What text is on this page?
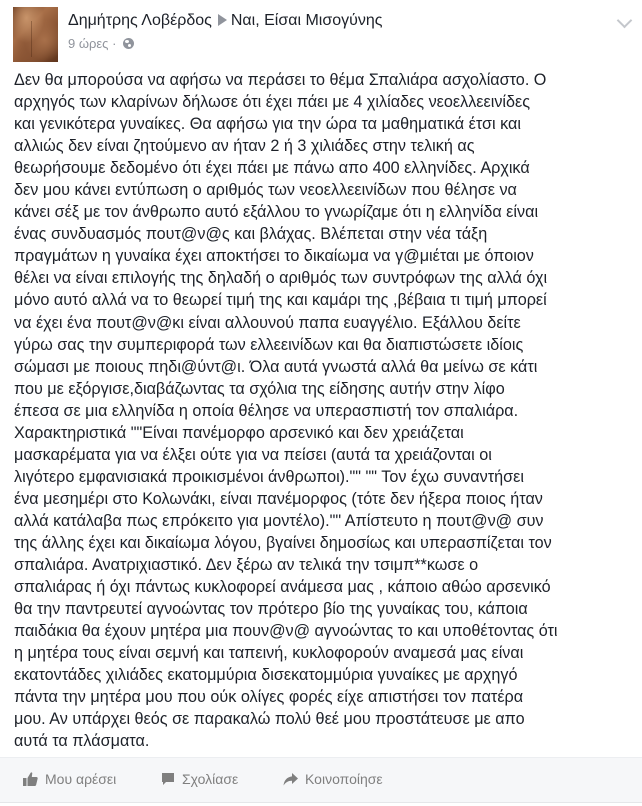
Δημήτρης Λοβέρδος Ναι, Είσαι Μισογύνης
9 ώρες ·
Δεν θα μπορούσα να αφήσω να περάσει το θέμα Σπαλιάρα ασχολίαστο. Ο
αρχηγός των κλαρίνων δήλωσε ότι έχει πάει με 4 χιλίαδες νεοελλεεινίδες
και γενικότερα γυναίκες. Θα αφήσω για την ώρα τα μαθηματικά έτσι και
αλλιώς δεν είναι ζητούμενο αν ήταν 2 ή 3 χιλιάδες στην τελική ας
θεωρήσουμε δεδομένο ότι έχει πάει με πάνω απο 400 ελληνίδες. Αρχικά
δεν μου κάνει εντύπωση ο αριθμός των νεοελλεεινίδων που θέλησε να
κάνει σέξ με τον άνθρωπο αυτό εξάλλου το γνωρίζαμε ότι η ελληνίδα είναι
ένας συνδυασμός πουτ@ν@ς και βλάχας. Βλέπεται στην νέα τάξη
πραγμάτων η γυναίκα έχει αποκτήσει το δικαίωμα να γ@μιέται με όποιον
θέλει να είναι επιλογής της δηλαδή ο αριθμός των συντρόφων της αλλά όχι
μόνο αυτό αλλά να το θεωρεί τιμή της και καμάρι της ,βέβαια τι τιμή μπορεί
να έχει ένα πουτ@ν@κι είναι αλλουνού παπα ευαγγέλιο. Εξάλλου δείτε
γύρω σας την συμπεριφορά των ελλεεινίδων και θα διαπιστώσετε ιδίοις
σώμασι με ποιους πηδι@ύντ@ι. Όλα αυτά γνωστά αλλά θα μείνω σε κάτι
που με εξόργισε,διαβάζωντας τα σχόλια της είδησης αυτήν στην λίφο
έπεσα σε μια ελληνίδα η οποία θέλησε να υπερασπιστή τον σπαλιάρα.
Χαρακτηριστικά ""Είναι πανέμορφο αρσενικό και δεν χρειάζεται
μασκαρέματα για να έλξει ούτε για να πείσει (αυτά τα χρειάζονται οι
λιγότερο εμφανισιακά προικισμένοι άνθρωποι)."" "" Τον έχω συναντήσει
ένα μεσημέρι στο Κολωνάκι, είναι πανέμορφος (τότε δεν ήξερα ποιος ήταν
αλλά κατάλαβα πως επρόκειτο για μοντέλο)."" Απίστευτο η πουτ@ν@ συν
της άλλης έχει και δικαίωμα λόγου, βγαίνει δημοσίως και υπερασπίζεται τον
σπαλιάρα. Ανατριχιαστικό. Δεν ξέρω αν τελικά την τσιμπ**κωσε ο
σπαλιάρας ή όχι πάντως κυκλοφορεί ανάμεσα μας , κάποιο αθώο αρσενικό
θα την παντρευτεί αγνοώντας τον πρότερο βίο της γυναίκας του, κάποια
παιδάκια θα έχουν μητέρα μια πουν@ν@ αγνοώντας το και υποθέτοντας ότι
η μητέρα τους είναι σεμνή και ταπεινή, κυκλοφορούν αναμεσά μας είναι
εκατοντάδες χιλιάδες εκατομμύρια δισεκατομμύρια γυναίκες με αρχηγό
πάντα την μητέρα μου που ούκ ολίγες φορές είχε απιστήσει τον πατέρα
μου. Αν υπάρχει θεός σε παρακαλώ πολύ θεέ μου προστάτευσε με απο
αυτά τα πλάσματα.
Μου αρέσει	Σχολίασε	Κοινοποίησε
